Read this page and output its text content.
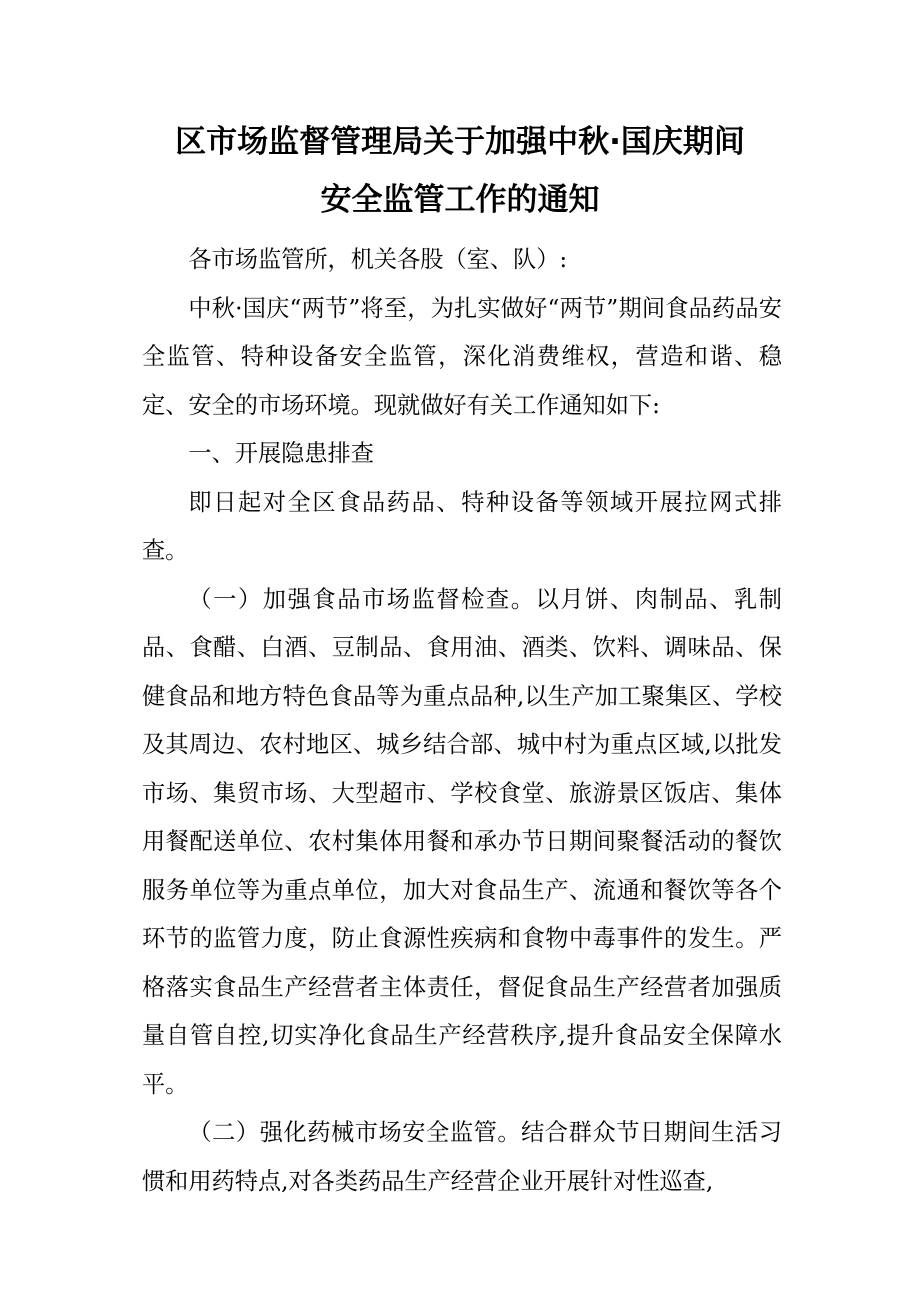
区市场监督管理局关于加强中秋·国庆期间
安全监管工作的通知

各市场监管所，机关各股（室、队）:

中秋·国庆“两节”将至，为扎实做好“两节”期间食品药品安全监管、特种设备安全监管，深化消费维权，营造和谐、稳定、安全的市场环境。现就做好有关工作通知如下:

一、开展隐患排查

即日起对全区食品药品、特种设备等领域开展拉网式排查。

（一）加强食品市场监督检查。以月饼、肉制品、乳制品、食醋、白酒、豆制品、食用油、酒类、饮料、调味品、保健食品和地方特色食品等为重点品种,以生产加工聚集区、学校及其周边、农村地区、城乡结合部、城中村为重点区域,以批发市场、集贸市场、大型超市、学校食堂、旅游景区饭店、集体用餐配送单位、农村集体用餐和承办节日期间聚餐活动的餐饮服务单位等为重点单位，加大对食品生产、流通和餐饮等各个环节的监管力度，防止食源性疾病和食物中毒事件的发生。严格落实食品生产经营者主体责任，督促食品生产经营者加强质量自管自控,切实净化食品生产经营秩序,提升食品安全保障水平。

（二）强化药械市场安全监管。结合群众节日期间生活习惯和用药特点,对各类药品生产经营企业开展针对性巡查,
